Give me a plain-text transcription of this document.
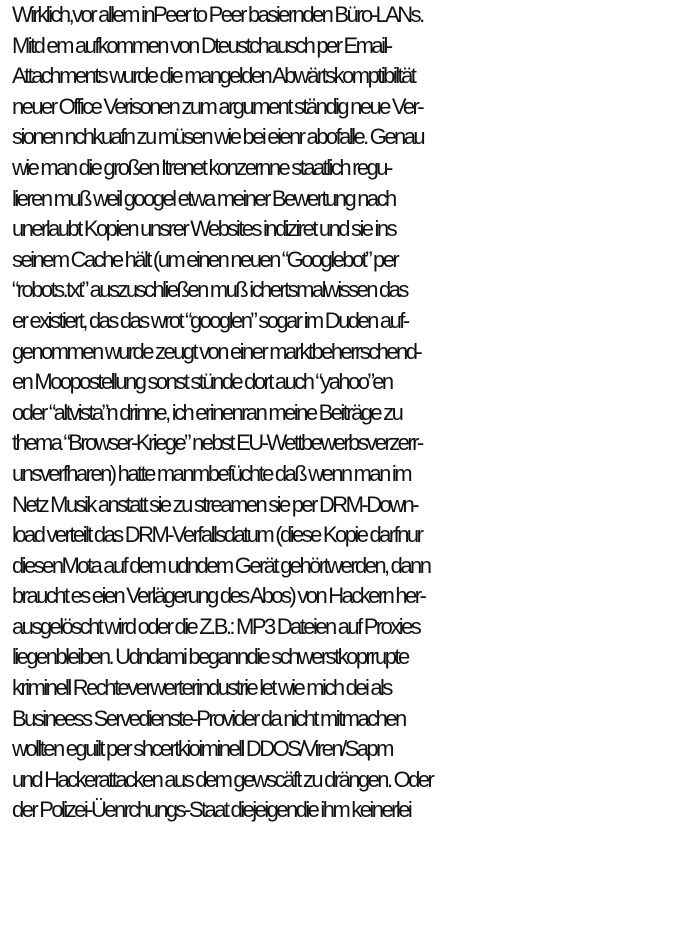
Wirklich,vor allem inPeer to Peer basiernden Büro-LANs.
Mitd em aufkommen von Dteustchausch per Email-
Attachments wurde die mangelden Abwärtskomptibiltät
neuer Office Verisonen zum argument ständig neue Ver-
sionen nchkuafn zu müsen wie bei eienr abofalle. Genau
wie man die großen Itrenet konzernne staatlich regu-
lieren muß weil googel etwa meiner Bewertung nach
unerlaubt Kopien unsrer Websites indiziret und sie ins
seinem Cache hält (um einen neuen “Googlebot” per
“robots.txt” auszuschließen muß ichertsmalwissen das
er existiert, das das wrot “googlen” sogar im Duden auf-
genommen wurde zeugt von einer marktbeherrschend-
en Moopostellung sonst stünde dort auch “yahoo”en
oder “altvista”n drinne, ich erinenran meine Beiträge zu
thema “Browser-Kriege” nebst EU-Wettbewerbsverzerr-
unsverfharen) hatte manmbefüchte daß wenn man im
Netz Musik anstatt sie zu streamen sie per DRM-Down-
load verteilt das DRM-Verfallsdatum (diese Kopie darfnur
diesenMota auf dem udndem Gerät gehörtwerden, dann
braucht es eien Verlägerung des Abos) von Hackern her-
ausgelöscht wird oder die Z.B.: MP3 Dateien auf Proxies
liegenbleiben. Udndami beganndie schwerstkoprrupte
kriminell Rechteverwerterindustrie let wie mich dei als
Busineess Servedienste-Provider da nicht mitmachen
wollten eguilt per shcertkioiminell DDOS/Viren/Sapm
und Hackerattacken aus dem gewscäft zu drängen. Oder
der Polizei-Üenrchungs-Staat diejeigendie ihm keinerlei
